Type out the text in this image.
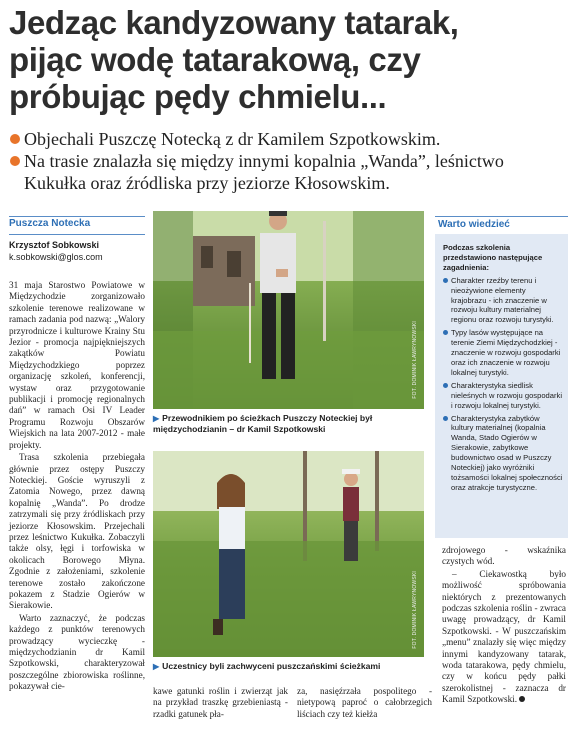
Jedząc kandyzowany tatarak,
pijąc wodę tatarakową, czy
próbując pędy chmielu...
Objechali Puszczę Notecką z dr Kamilem Szpotkowskim.
Na trasie znalazła się między innymi kopalnia „Wanda”, leśnictwo Kukułka oraz źródliska przy jeziorze Kłosowskim.
Puszcza Notecka
Krzysztof Sobkowski
k.sobkowski@glos.com

31 maja Starostwo Powiatowe w Międzychodzie zorganizowało szkolenie terenowe realizowane w ramach zadania pod nazwą: „Walory przyrodnicze i kulturowe Krainy Stu Jezior - promocja najpiękniejszych zakątków Powiatu Międzychodzkiego poprzez organizację szkoleń, konferencji, wystaw oraz przygotowanie publikacji i promocję regionalnych dań” w ramach Osi IV Leader Programu Rozwoju Obszarów Wiejskich na lata 2007-2012 - małe projekty.

Trasa szkolenia przebiegała głównie przez ostępy Puszczy Noteckiej. Goście wyruszyli z Zatomia Nowego, przez dawną kopalnię „Wanda”. Po drodze zatrzymali się przy źródliskach przy jeziorze Kłosowskim. Przejechali przez leśnictwo Kukułka. Zobaczyli także olsy, łęgi i torfowiska w okolicach Borowego Młyna. Zgodnie z założeniami, szkolenie terenowe zostało zakończone pokazem z Stadzie Ogierów w Sierakowie.

Warto zaznaczyć, że podczas każdego z punktów terenowych prowadzący wycieczkę - międzychodzianin dr Kamil Szpotkowski, charakteryzował poszczególne zbiorowiska roślinne, pokazywał cie-

FOT. DOMINIK ŁAWRYNOWSKI
▶ Przewodnikiem po ścieżkach Puszczy Noteckiej był międzychodzianin – dr Kamil Szpotkowski
FOT. DOMINIK ŁAWRYNOWSKI
▶ Uczestnicy byli zachwyceni puszczańskimi ścieżkami

kawe gatunki roślin i zwierząt jak na przykład traszkę grzebieniastą - rzadki gatunek pła-

za, nasięźrzała pospolitego - nietypową paproć o całobrzegich liściach czy też kiełża

Warto wiedzieć
Podczas szkolenia przedstawiono następujące zagadnienia:
Charakter rzeźby terenu i nieożywione elementy krajobrazu - ich znaczenie w rozwoju kultury materialnej regionu oraz rozwoju turystyki.
Typy lasów występujące na terenie Ziemi Międzychodzkiej - znaczenie w rozwoju gospodarki oraz ich znaczenie w rozwoju lokalnej turystyki.
Charakterystyka siedlisk nieleśnych w rozwoju gospodarki i rozwoju lokalnej turystyki.
Charakterystyka zabytków kultury materialnej (kopalnia Wanda, Stado Ogierów w Sierakowie, zabytkowe budownictwo osad w Puszczy Noteckiej) jako wyróżniki tożsamości lokalnej społeczności oraz atrakcje turystyczne.

zdrojowego - wskaźnika czystych wód.

– Ciekawostką było możliwość spróbowania niektórych z prezentowanych podczas szkolenia roślin - zwraca uwagę prowadzący, dr Kamil Szpotkowski. - W puszczańskim „menu” znalazły się więc między innymi kandyzowany tatarak, woda tatarakowa, pędy chmielu, czy w końcu pędy pałki szerokolistnej - zaznacza dr Kamil Szpotkowski.
